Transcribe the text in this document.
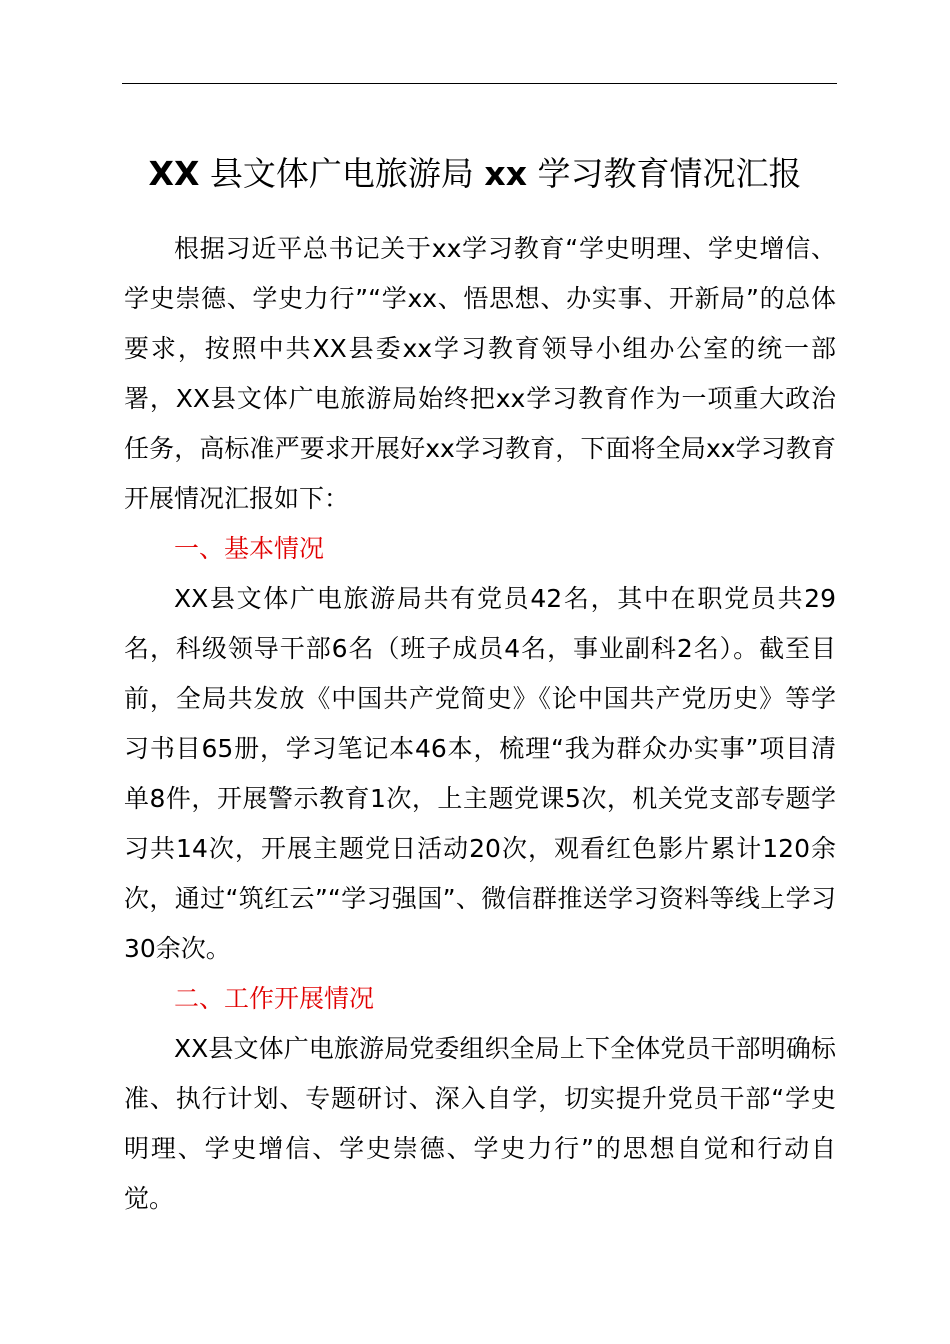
XX 县文体广电旅游局 xx 学习教育情况汇报

根据习近平总书记关于xx学习教育“学史明理、学史增信、学史崇德、学史力行”“学xx、悟思想、办实事、开新局”的总体要求，按照中共XX县委xx学习教育领导小组办公室的统一部署，XX县文体广电旅游局始终把xx学习教育作为一项重大政治任务，高标准严要求开展好xx学习教育，下面将全局xx学习教育开展情况汇报如下：

一、基本情况

XX县文体广电旅游局共有党员42名，其中在职党员共29名，科级领导干部6名（班子成员4名，事业副科2名）。截至目前，全局共发放《中国共产党简史》《论中国共产党历史》等学习书目65册，学习笔记本46本，梳理“我为群众办实事”项目清单8件，开展警示教育1次，上主题党课5次，机关党支部专题学习共14次，开展主题党日活动20次，观看红色影片累计120余次，通过“筑红云”“学习强国”、微信群推送学习资料等线上学习30余次。

二、工作开展情况

XX县文体广电旅游局党委组织全局上下全体党员干部明确标准、执行计划、专题研讨、深入自学，切实提升党员干部“学史明理、学史增信、学史崇德、学史力行”的思想自觉和行动自觉。
